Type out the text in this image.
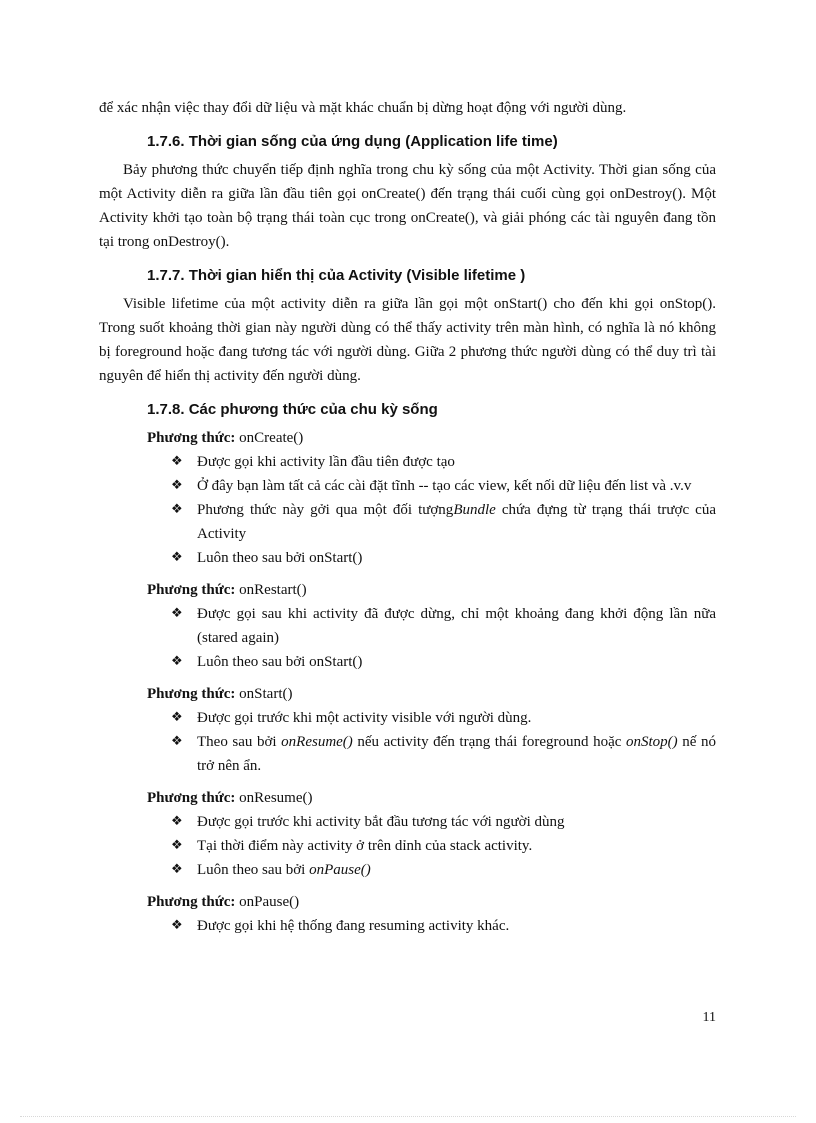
để xác nhận việc thay đổi dữ liệu và mặt khác chuẩn bị dừng hoạt động với người dùng.

1.7.6. Thời gian sống của ứng dụng (Application life time)

Bảy phương thức chuyển tiếp định nghĩa trong chu kỳ sống của một Activity. Thời gian sống của một Activity diễn ra giữa lần đầu tiên gọi onCreate() đến trạng thái cuối cùng gọi onDestroy(). Một Activity khởi tạo toàn bộ trạng thái toàn cục trong onCreate(), và giải phóng các tài nguyên đang tồn tại trong onDestroy().

1.7.7. Thời gian hiển thị của Activity (Visible lifetime )

Visible lifetime của một activity diễn ra giữa lần gọi một onStart() cho đến khi gọi onStop(). Trong suốt khoảng thời gian này người dùng có thể thấy activity trên màn hình, có nghĩa là nó không bị foreground hoặc đang tương tác với người dùng. Giữa 2 phương thức người dùng có thể duy trì tài nguyên để hiển thị activity đến người dùng.

1.7.8. Các phương thức của chu kỳ sống

Phương thức: onCreate()

❖ Được gọi khi activity lần đầu tiên được tạo
❖ Ở đây bạn làm tất cả các cài đặt tĩnh -- tạo các view, kết nối dữ liệu đến list và .v.v
❖ Phương thức này gởi qua một đối tượngBundle chứa đựng từ trạng thái trược của Activity
❖ Luôn theo sau bởi onStart()

Phương thức: onRestart()

❖ Được gọi sau khi activity đã được dừng, chỉ một khoảng đang khởi động lần nữa (stared again)
❖ Luôn theo sau bởi onStart()

Phương thức: onStart()

❖ Được gọi trước khi một activity visible với người dùng.
❖ Theo sau bởi onResume() nếu activity đến trạng thái foreground hoặc onStop() nế nó trở nên ẩn.

Phương thức: onResume()

❖ Được gọi trước khi activity bắt đầu tương tác với người dùng
❖ Tại thời điểm này activity ở trên dỉnh của stack activity.
❖ Luôn theo sau bởi onPause()

Phương thức: onPause()

❖ Được gọi khi hệ thống đang resuming activity khác.
11
